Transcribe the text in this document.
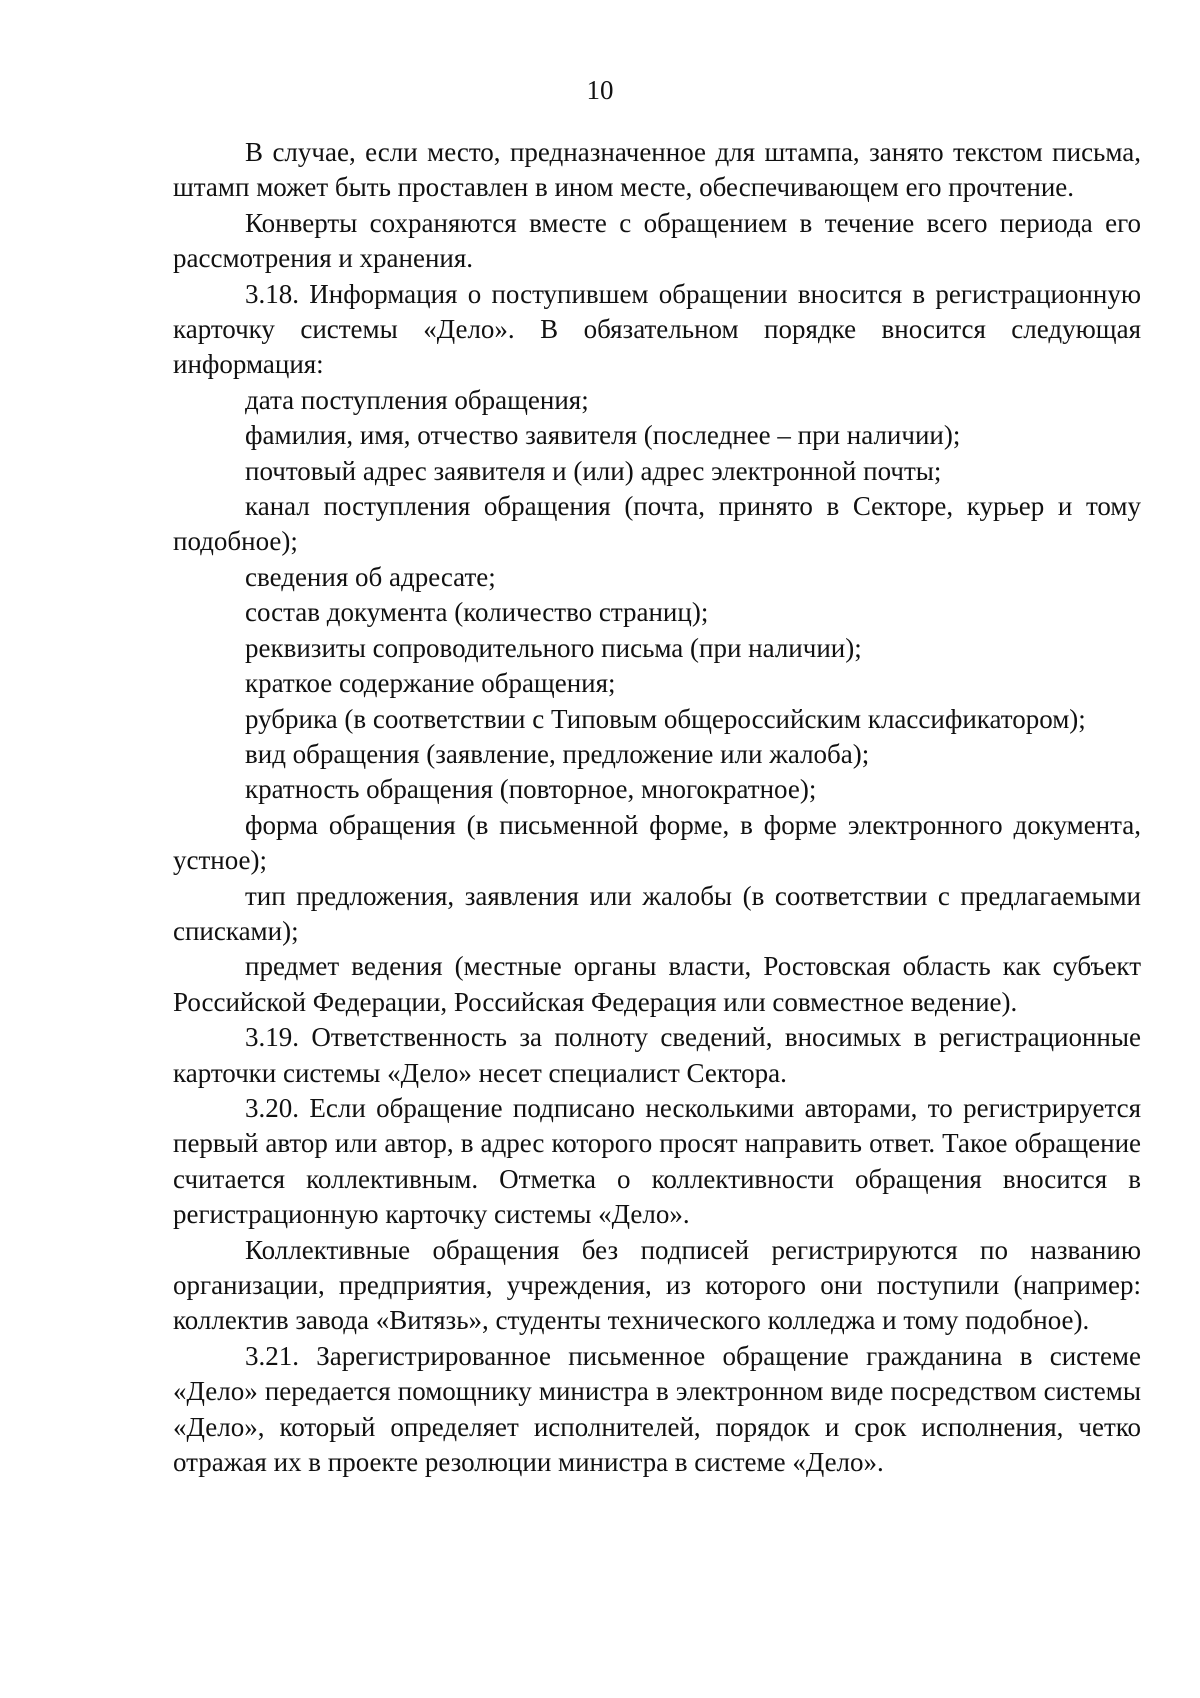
10

В случае, если место, предназначенное для штампа, занято текстом письма, штамп может быть проставлен в ином месте, обеспечивающем его прочтение.

Конверты сохраняются вместе с обращением в течение всего периода его рассмотрения и хранения.

3.18. Информация о поступившем обращении вносится в регистрационную карточку системы «Дело». В обязательном порядке вносится следующая информация:

дата поступления обращения;

фамилия, имя, отчество заявителя (последнее – при наличии);

почтовый адрес заявителя и (или) адрес электронной почты;

канал поступления обращения (почта, принято в Секторе, курьер и тому подобное);

сведения об адресате;

состав документа (количество страниц);

реквизиты сопроводительного письма (при наличии);

краткое содержание обращения;

рубрика (в соответствии с Типовым общероссийским классификатором);

вид обращения (заявление, предложение или жалоба);

кратность обращения (повторное, многократное);

форма обращения (в письменной форме, в форме электронного документа, устное);

тип предложения, заявления или жалобы (в соответствии с предлагаемыми списками);

предмет ведения (местные органы власти, Ростовская область как субъект Российской Федерации, Российская Федерация или совместное ведение).

3.19. Ответственность за полноту сведений, вносимых в регистрационные карточки системы «Дело» несет специалист Сектора.

3.20. Если обращение подписано несколькими авторами, то регистрируется первый автор или автор, в адрес которого просят направить ответ. Такое обращение считается коллективным. Отметка о коллективности обращения вносится в регистрационную карточку системы «Дело».

Коллективные обращения без подписей регистрируются по названию организации, предприятия, учреждения, из которого они поступили (например: коллектив завода «Витязь», студенты технического колледжа и тому подобное).

3.21. Зарегистрированное письменное обращение гражданина в системе «Дело» передается помощнику министра в электронном виде посредством системы «Дело», который определяет исполнителей, порядок и срок исполнения, четко отражая их в проекте резолюции министра в системе «Дело».
